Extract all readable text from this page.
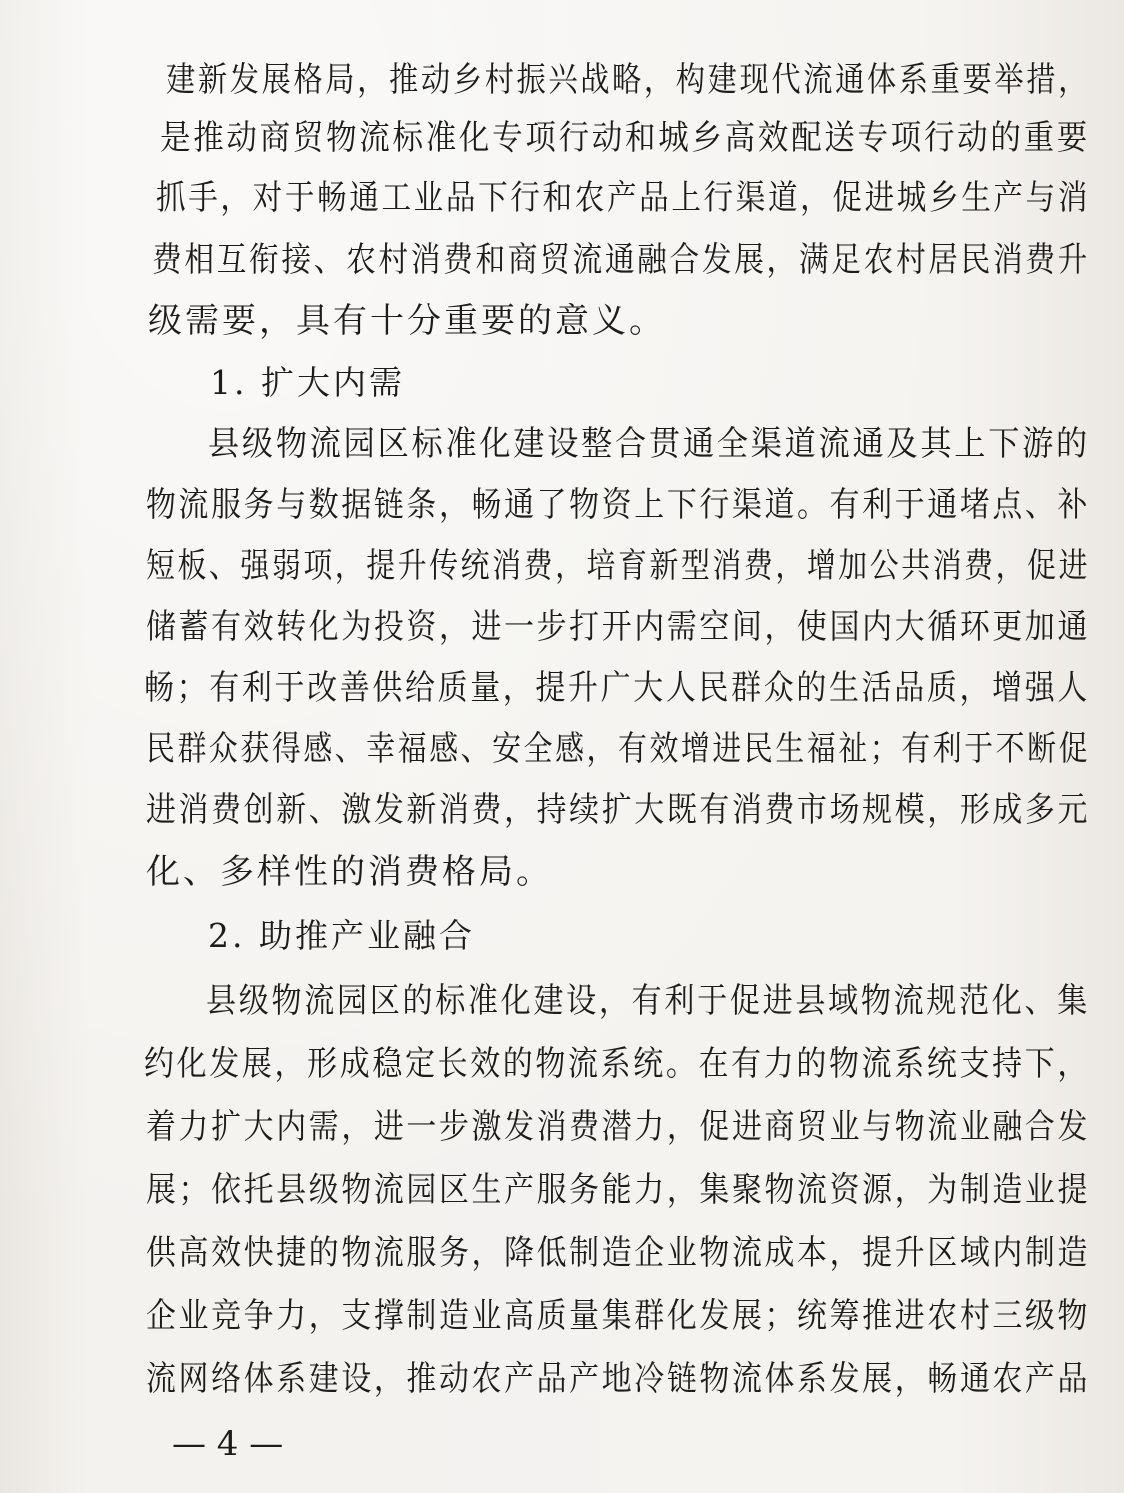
建新发展格局，推动乡村振兴战略，构建现代流通体系重要举措，

是推动商贸物流标准化专项行动和城乡高效配送专项行动的重要

抓手，对于畅通工业品下行和农产品上行渠道，促进城乡生产与消

费相互衔接、农村消费和商贸流通融合发展，满足农村居民消费升

级需要，具有十分重要的意义。

1. 扩大内需

县级物流园区标准化建设整合贯通全渠道流通及其上下游的

物流服务与数据链条，畅通了物资上下行渠道。有利于通堵点、补

短板、强弱项，提升传统消费，培育新型消费，增加公共消费，促进

储蓄有效转化为投资，进一步打开内需空间，使国内大循环更加通

畅；有利于改善供给质量，提升广大人民群众的生活品质，增强人

民群众获得感、幸福感、安全感，有效增进民生福祉；有利于不断促

进消费创新、激发新消费，持续扩大既有消费市场规模，形成多元

化、多样性的消费格局。

2. 助推产业融合

县级物流园区的标准化建设，有利于促进县域物流规范化、集

约化发展，形成稳定长效的物流系统。在有力的物流系统支持下，

着力扩大内需，进一步激发消费潜力，促进商贸业与物流业融合发

展；依托县级物流园区生产服务能力，集聚物流资源，为制造业提

供高效快捷的物流服务，降低制造企业物流成本，提升区域内制造

企业竞争力，支撑制造业高质量集群化发展；统筹推进农村三级物

流网络体系建设，推动农产品产地冷链物流体系发展，畅通农产品

— 4 —
